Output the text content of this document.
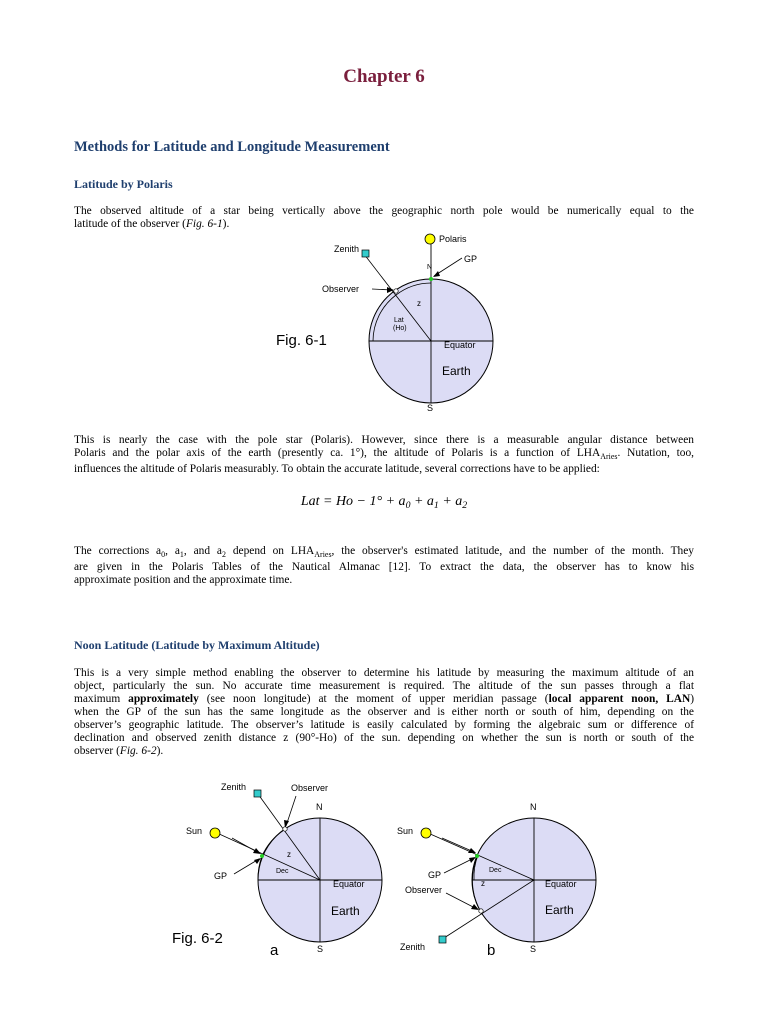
Chapter 6
Methods for Latitude and Longitude Measurement
Latitude by Polaris
The observed altitude of a star being vertically above the geographic north pole would be numerically equal to the
latitude of the observer (Fig. 6-1).
Polaris
Zenith
GP
N
Observer
z
Lat
(Ho)
Equator
Earth
S
Fig. 6-1
This is nearly the case with the pole star (Polaris). However, since there is a measurable angular distance between
Polaris and the polar axis of the earth (presently ca. 1°), the altitude of Polaris is a function of $LHA_{Aries}$. Nutation, too,
influences the altitude of Polaris measurably. To obtain the accurate latitude, several corrections have to be applied:
Lat = $Ho - 1^\circ + a_0 + a_1 + a_2$
The corrections $a_0$, $a_1$, and $a_2$ depend on $LHA_{Aries}$, the observer's estimated latitude, and the number of the month. They
are given in the Polaris Tables of the Nautical Almanac [12]. To extract the data, the observer has to know his
approximate position and the approximate time.
Noon Latitude (Latitude by Maximum Altitude)
This is a very simple method enabling the observer to determine his latitude by measuring the maximum altitude of an
object, particularly the sun. No accurate time measurement is required. The altitude of the sun passes through a flat
maximum approximately (see noon longitude) at the moment of upper meridian passage (local apparent noon, LAN)
when the GP of the sun has the same longitude as the observer and is either north or south of him, depending on the
observer’s geographic latitude. The observer’s latitude is easily calculated by forming the algebraic sum or difference of
declination and observed zenith distance z (90°-Ho) of the sun. depending on whether the sun is north or south of the
observer (Fig. 6-2).
Zenith	Observer
N
Sun
z
Dec
GP
Equator
Earth
S
a
Fig. 6-2
N
Sun
Dec
z
GP
Observer
Equator
Earth
Zenith	S
b
